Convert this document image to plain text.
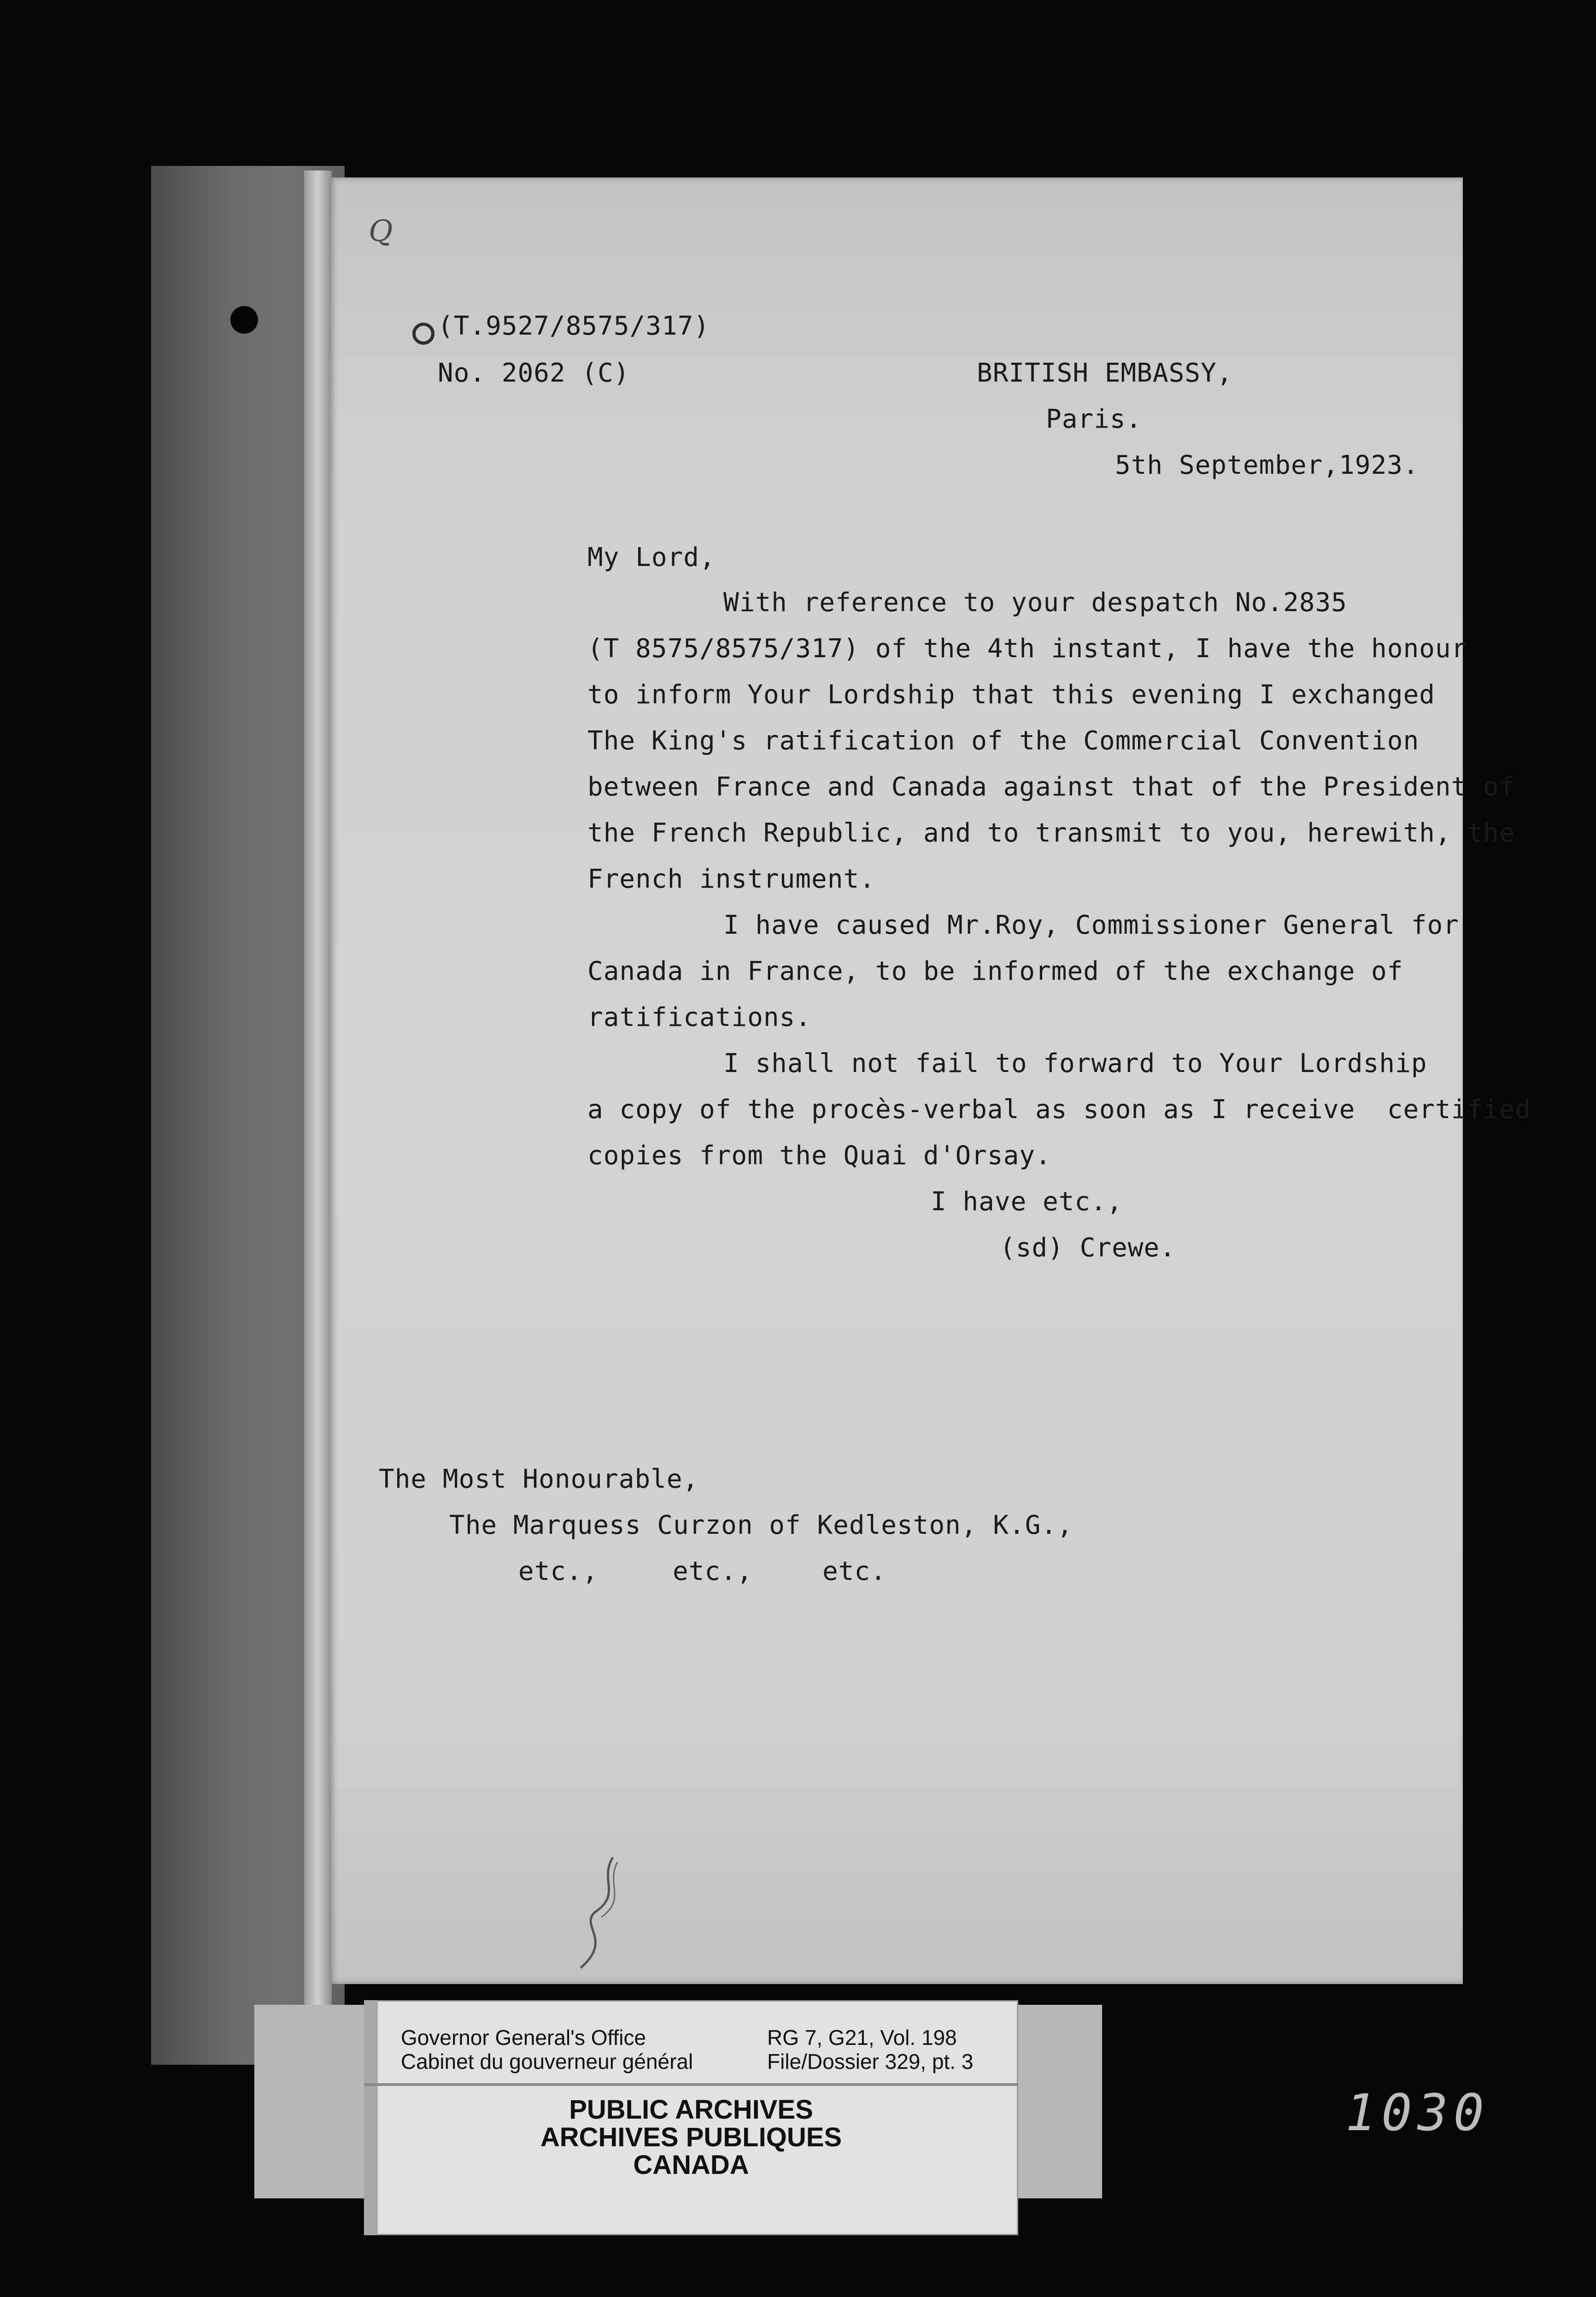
Q
(T.9527/8575/317)
No. 2062 (C)	BRITISH EMBASSY,
Paris.
5th September,1923.
My Lord,
With reference to your despatch No.2835
(T 8575/8575/317) of the 4th instant, I have the honour
to inform Your Lordship that this evening I exchanged
The King's ratification of the Commercial Convention
between France and Canada against that of the President of
the French Republic, and to transmit to you, herewith, the
French instrument.
I have caused Mr.Roy, Commissioner General for
Canada in France, to be informed of the exchange of
ratifications.
I shall not fail to forward to Your Lordship
a copy of the procès-verbal as soon as I receive  certified
copies from the Quai d'Orsay.
I have etc.,
(sd) Crewe.
The Most Honourable,
The Marquess Curzon of Kedleston, K.G.,
etc.,	etc.,	etc.
Governor General's Office
Cabinet du gouverneur général
RG 7, G21, Vol. 198
File/Dossier 329, pt. 3
PUBLIC ARCHIVES
ARCHIVES PUBLIQUES
CANADA
1030
